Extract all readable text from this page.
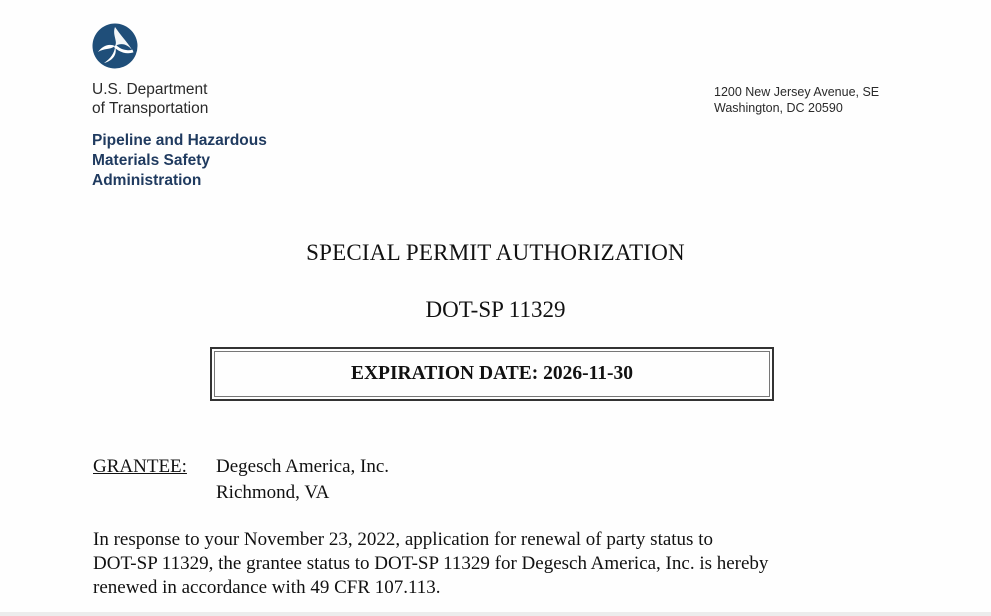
U.S. Department
of Transportation
Pipeline and Hazardous
Materials Safety
Administration
1200 New Jersey Avenue, SE
Washington, DC 20590
SPECIAL PERMIT AUTHORIZATION
DOT-SP 11329
EXPIRATION DATE: 2026-11-30
GRANTEE: Degesch America, Inc.
Richmond, VA
In response to your November 23, 2022, application for renewal of party status to
DOT-SP 11329, the grantee status to DOT-SP 11329 for Degesch America, Inc. is hereby
renewed in accordance with 49 CFR 107.113.
